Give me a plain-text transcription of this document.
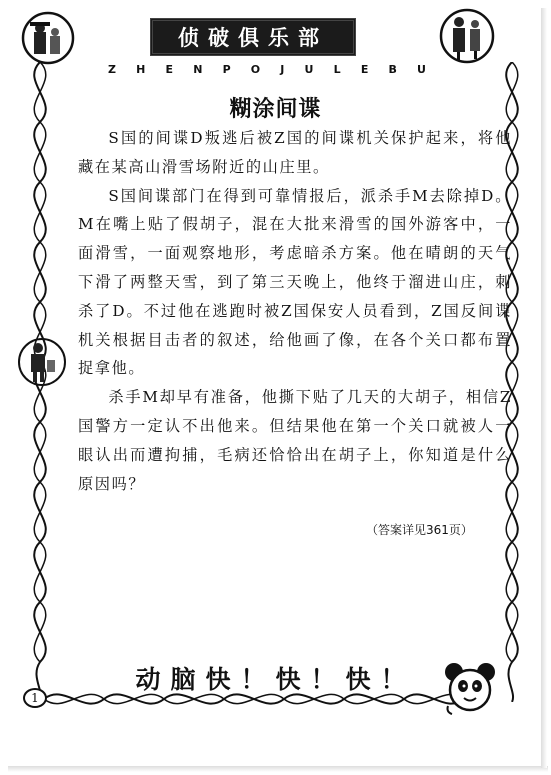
侦破俱乐部
Z H E N P O J U L E B U
糊涂间谍

S国的间谍D叛逃后被Z国的间谍机关保护起来，将他藏在某高山滑雪场附近的山庄里。

S国间谍部门在得到可靠情报后，派杀手M去除掉D。M在嘴上贴了假胡子，混在大批来滑雪的国外游客中，一面滑雪，一面观察地形，考虑暗杀方案。他在晴朗的天气下滑了两整天雪，到了第三天晚上，他终于溜进山庄，刺杀了D。不过他在逃跑时被Z国保安人员看到，Z国反间谍机关根据目击者的叙述，给他画了像，在各个关口都布置捉拿他。

杀手M却早有准备，他撕下贴了几天的大胡子，相信Z国警方一定认不出他来。但结果他在第一个关口就被人一眼认出而遭拘捕，毛病还恰恰出在胡子上，你知道是什么原因吗？

（答案详见361页）
动脑快！快！快！
1
